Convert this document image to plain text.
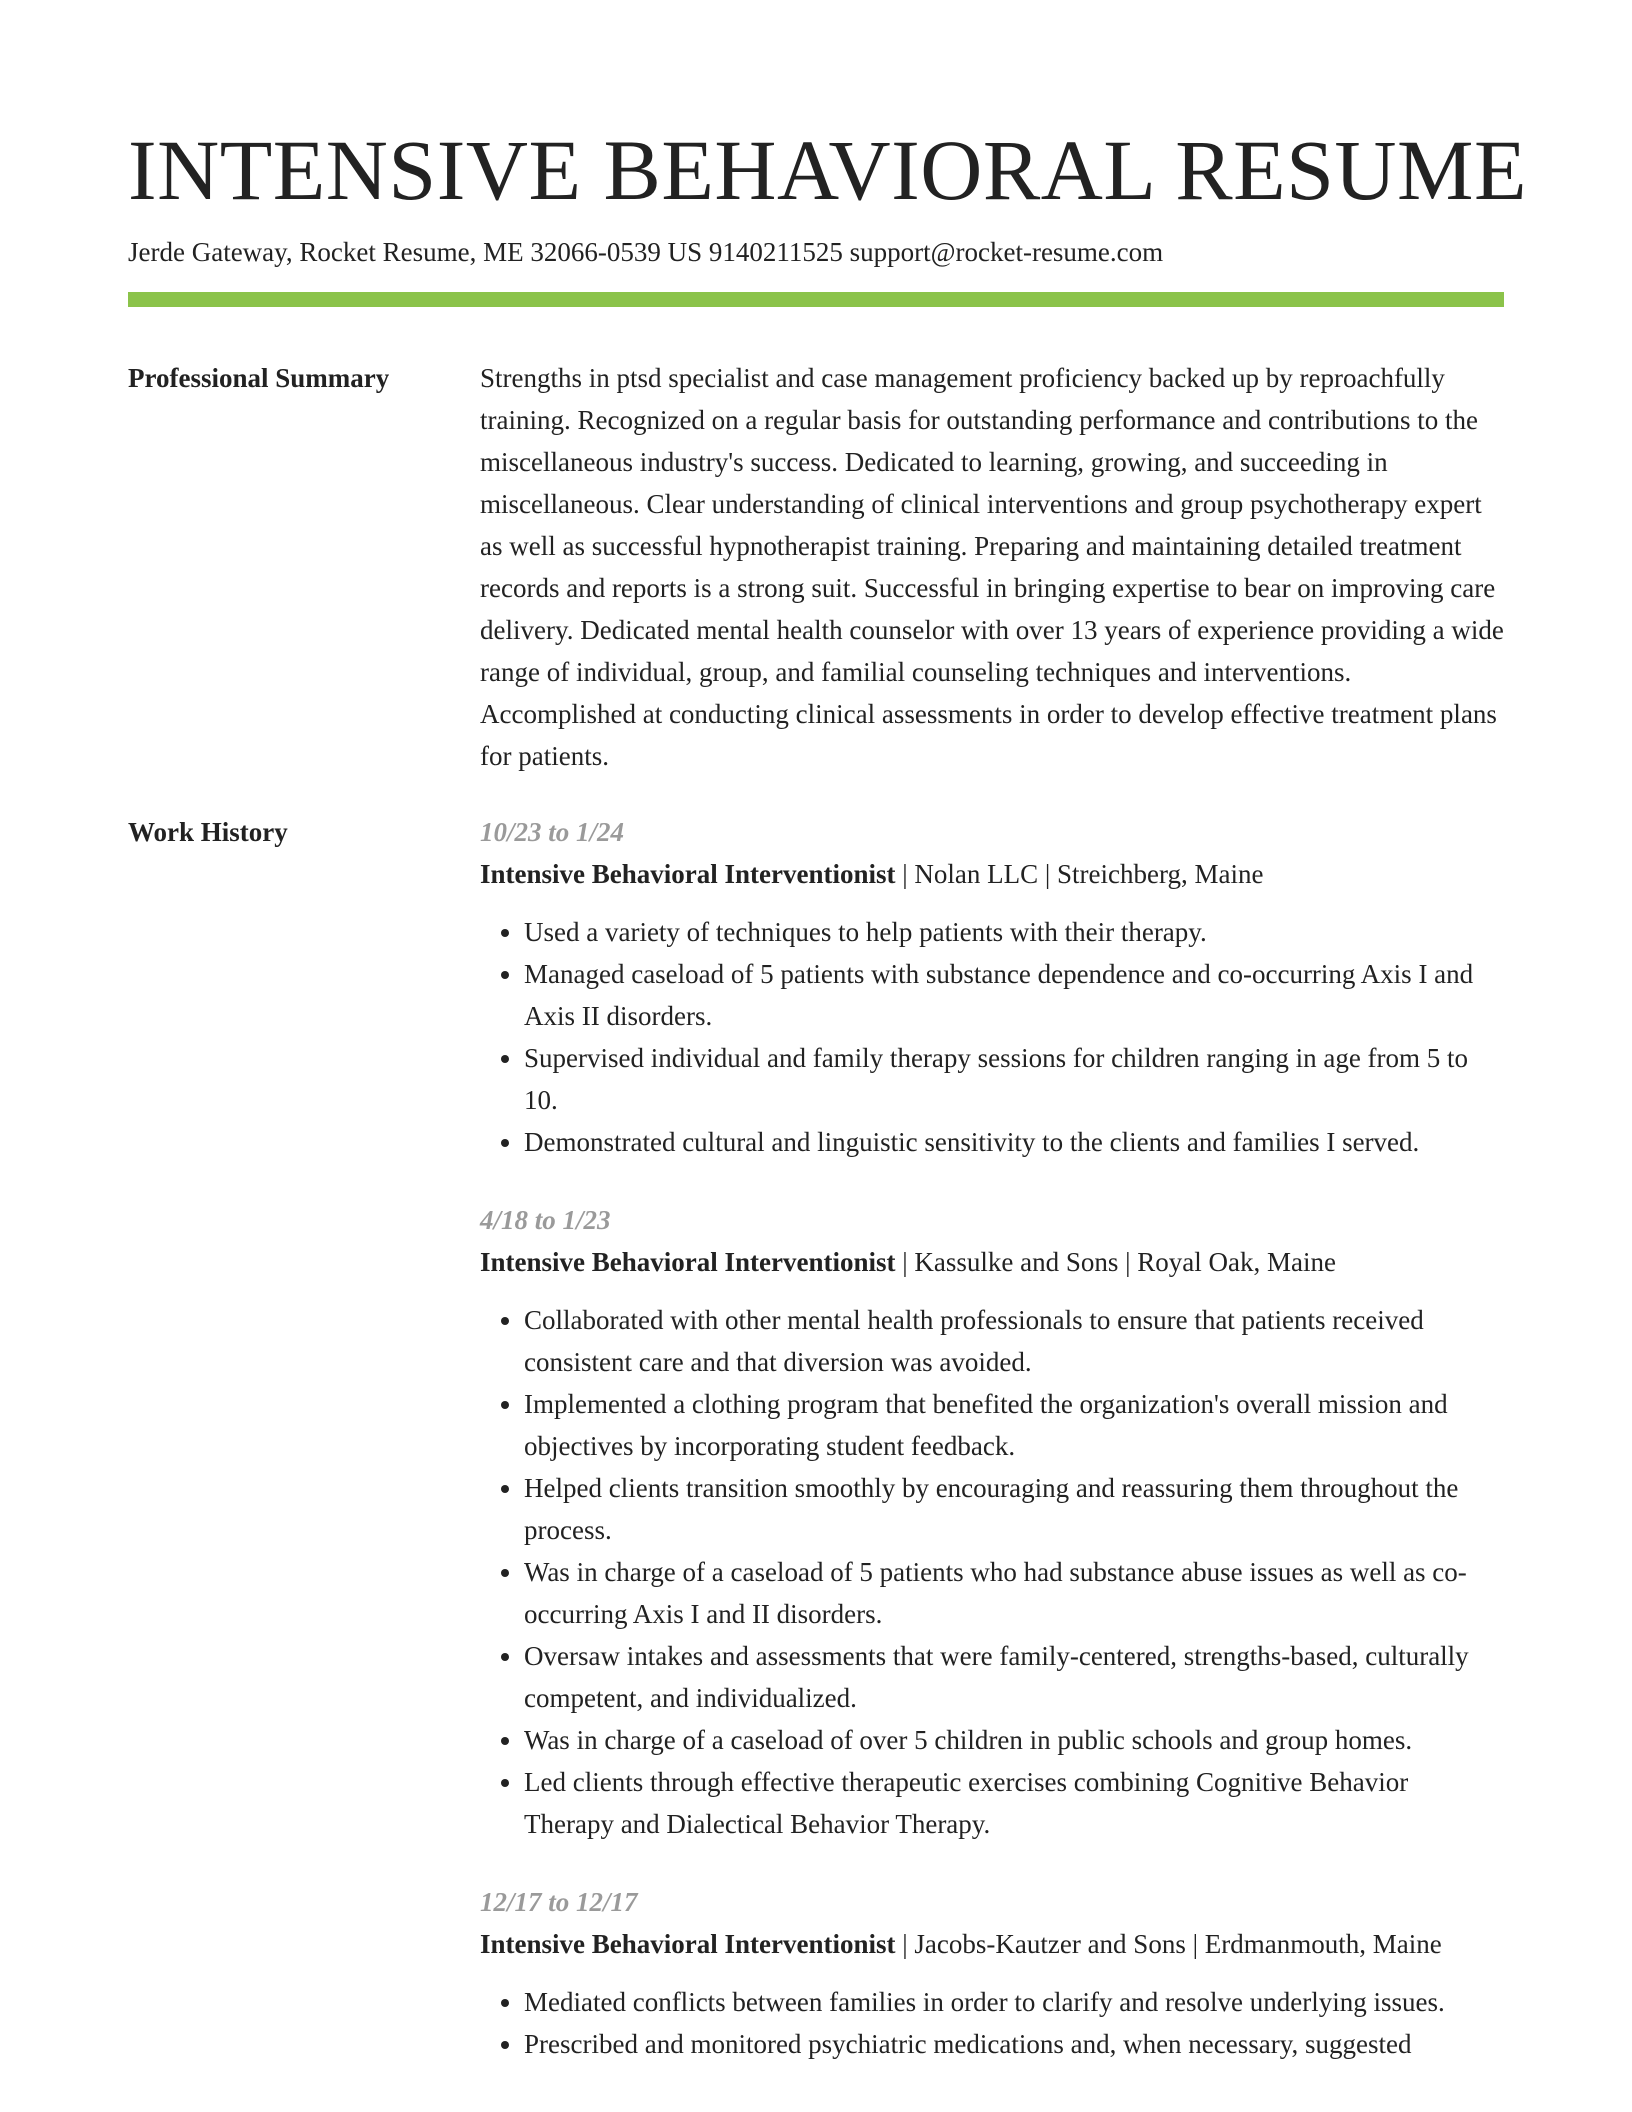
INTENSIVE BEHAVIORAL RESUME
Jerde Gateway, Rocket Resume, ME 32066-0539 US 9140211525 support@rocket-resume.com
Professional Summary	Strengths in ptsd specialist and case management proficiency backed up by reproachfully training. Recognized on a regular basis for outstanding performance and contributions to the miscellaneous industry's success. Dedicated to learning, growing, and succeeding in miscellaneous. Clear understanding of clinical interventions and group psychotherapy expert as well as successful hypnotherapist training. Preparing and maintaining detailed treatment records and reports is a strong suit. Successful in bringing expertise to bear on improving care delivery. Dedicated mental health counselor with over 13 years of experience providing a wide range of individual, group, and familial counseling techniques and interventions. Accomplished at conducting clinical assessments in order to develop effective treatment plans for patients.

Work History	10/23 to 1/24
Intensive Behavioral Interventionist | Nolan LLC | Streichberg, Maine
• Used a variety of techniques to help patients with their therapy.
• Managed caseload of 5 patients with substance dependence and co-occurring Axis I and Axis II disorders.
• Supervised individual and family therapy sessions for children ranging in age from 5 to 10.
• Demonstrated cultural and linguistic sensitivity to the clients and families I served.
4/18 to 1/23
Intensive Behavioral Interventionist | Kassulke and Sons | Royal Oak, Maine
• Collaborated with other mental health professionals to ensure that patients received consistent care and that diversion was avoided.
• Implemented a clothing program that benefited the organization's overall mission and objectives by incorporating student feedback.
• Helped clients transition smoothly by encouraging and reassuring them throughout the process.
• Was in charge of a caseload of 5 patients who had substance abuse issues as well as co-occurring Axis I and II disorders.
• Oversaw intakes and assessments that were family-centered, strengths-based, culturally competent, and individualized.
• Was in charge of a caseload of over 5 children in public schools and group homes.
• Led clients through effective therapeutic exercises combining Cognitive Behavior Therapy and Dialectical Behavior Therapy.
12/17 to 12/17
Intensive Behavioral Interventionist | Jacobs-Kautzer and Sons | Erdmanmouth, Maine
• Mediated conflicts between families in order to clarify and resolve underlying issues.
• Prescribed and monitored psychiatric medications and, when necessary, suggested
